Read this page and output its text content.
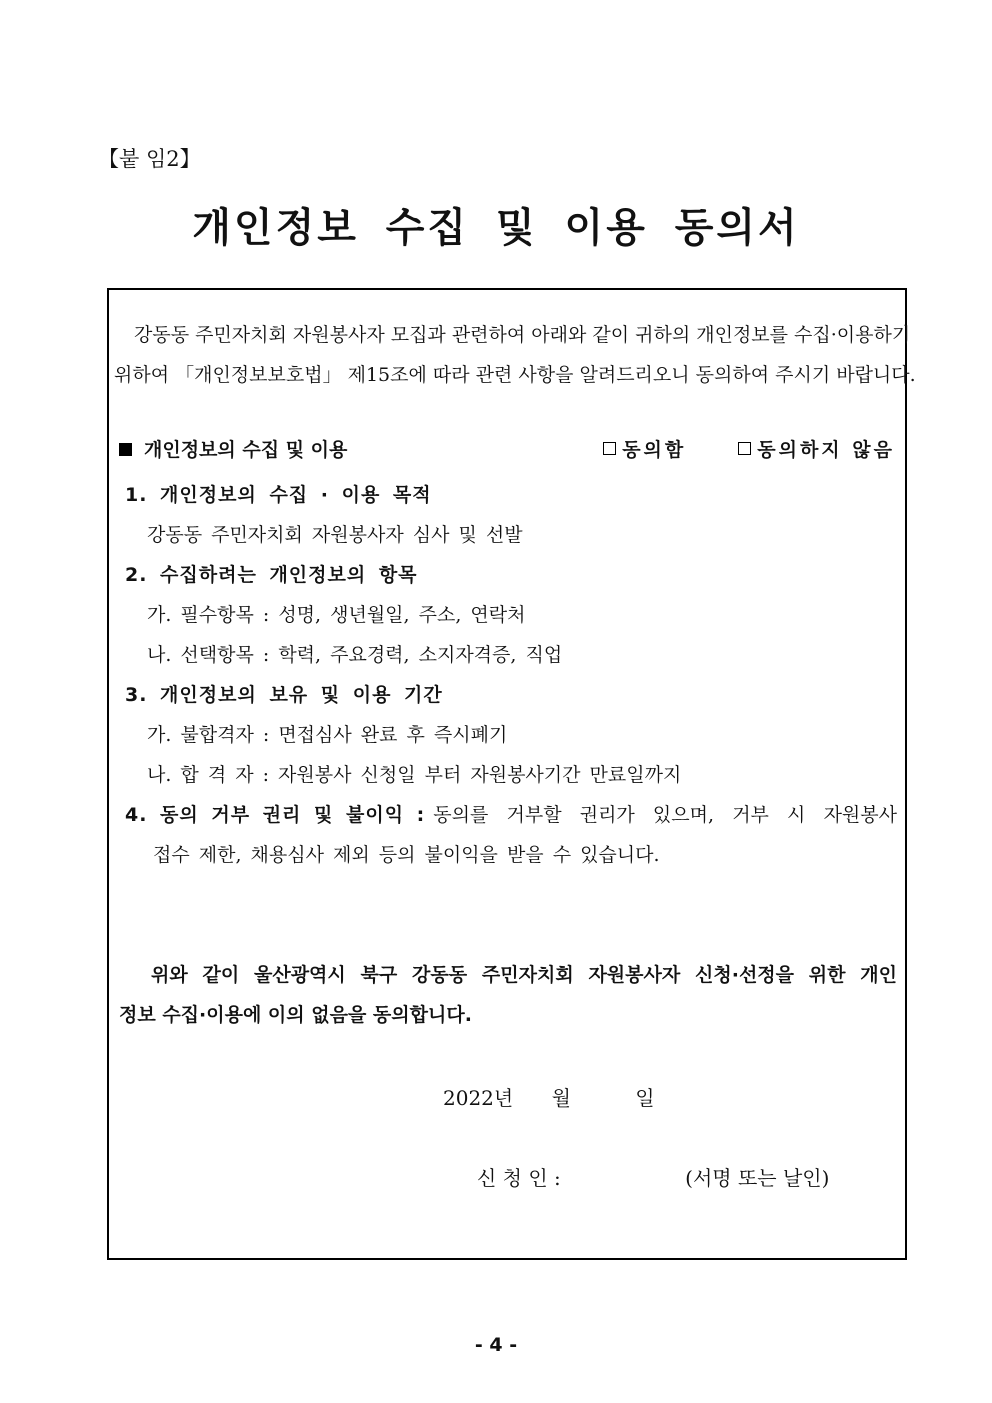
【붙 임2】
개인정보 수집 및 이용 동의서
강동동 주민자치회 자원봉사자 모집과 관련하여 아래와 같이 귀하의 개인정보를 수집·이용하기
위하여 「개인정보보호법」 제15조에 따라 관련 사항을 알려드리오니 동의하여 주시기 바랍니다.
개인정보의 수집 및 이용	동의함	동의하지 않음
1. 개인정보의 수집 · 이용 목적
강동동 주민자치회 자원봉사자 심사 및 선발
2. 수집하려는 개인정보의 항목
가. 필수항목 : 성명, 생년월일, 주소, 연락처
나. 선택항목 : 학력, 주요경력, 소지자격증, 직업
3. 개인정보의 보유 및 이용 기간
가. 불합격자 : 면접심사 완료 후 즉시폐기
나. 합 격 자 : 자원봉사 신청일 부터 자원봉사기간 만료일까지
4. 동의 거부 권리 및 불이익 : 동의를 거부할 권리가 있으며, 거부 시 자원봉사
접수 제한, 채용심사 제외 등의 불이익을 받을 수 있습니다.
위와 같이 울산광역시 북구 강동동 주민자치회 자원봉사자 신청·선정을 위한 개인
정보 수집·이용에 이의 없음을 동의합니다.
2022년 월	일
신 청 인 :	(서명 또는 날인)
- 4 -
